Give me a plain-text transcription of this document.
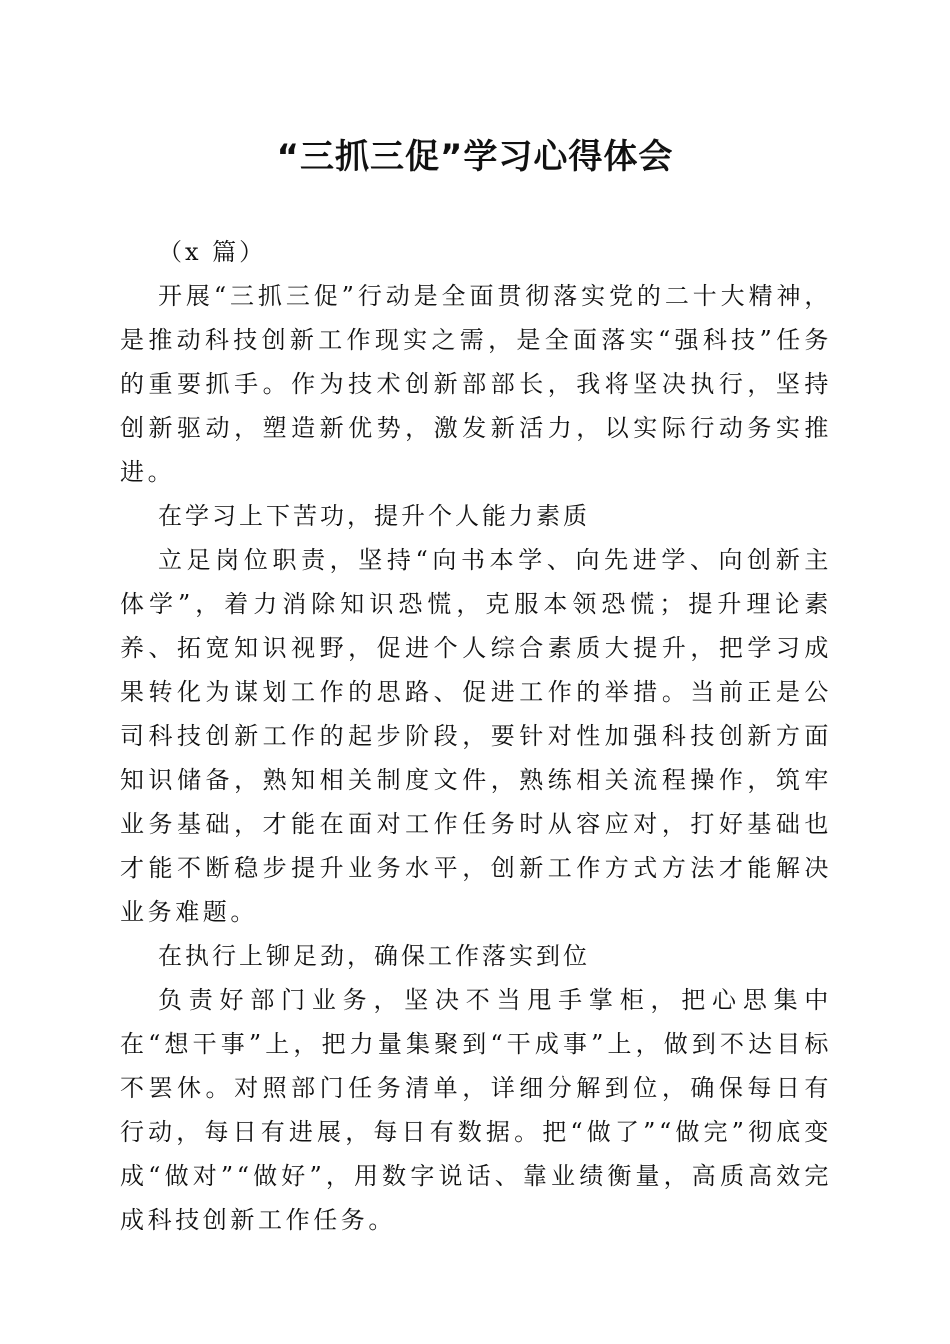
“三抓三促”学习心得体会

（x 篇）

开展“三抓三促”行动是全面贯彻落实党的二十大精神，是推动科技创新工作现实之需，是全面落实“强科技”任务的重要抓手。作为技术创新部部长，我将坚决执行，坚持创新驱动，塑造新优势，激发新活力，以实际行动务实推进。

在学习上下苦功，提升个人能力素质

立足岗位职责，坚持“向书本学、向先进学、向创新主体学”，着力消除知识恐慌，克服本领恐慌；提升理论素养、拓宽知识视野，促进个人综合素质大提升，把学习成果转化为谋划工作的思路、促进工作的举措。当前正是公司科技创新工作的起步阶段，要针对性加强科技创新方面知识储备，熟知相关制度文件，熟练相关流程操作，筑牢业务基础，才能在面对工作任务时从容应对，打好基础也才能不断稳步提升业务水平，创新工作方式方法才能解决业务难题。

在执行上铆足劲，确保工作落实到位

负责好部门业务，坚决不当甩手掌柜，把心思集中在“想干事”上，把力量集聚到“干成事”上，做到不达目标不罢休。对照部门任务清单，详细分解到位，确保每日有行动，每日有进展，每日有数据。把“做了”“做完”彻底变成“做对”“做好”，用数字说话、靠业绩衡量，高质高效完成科技创新工作任务。
